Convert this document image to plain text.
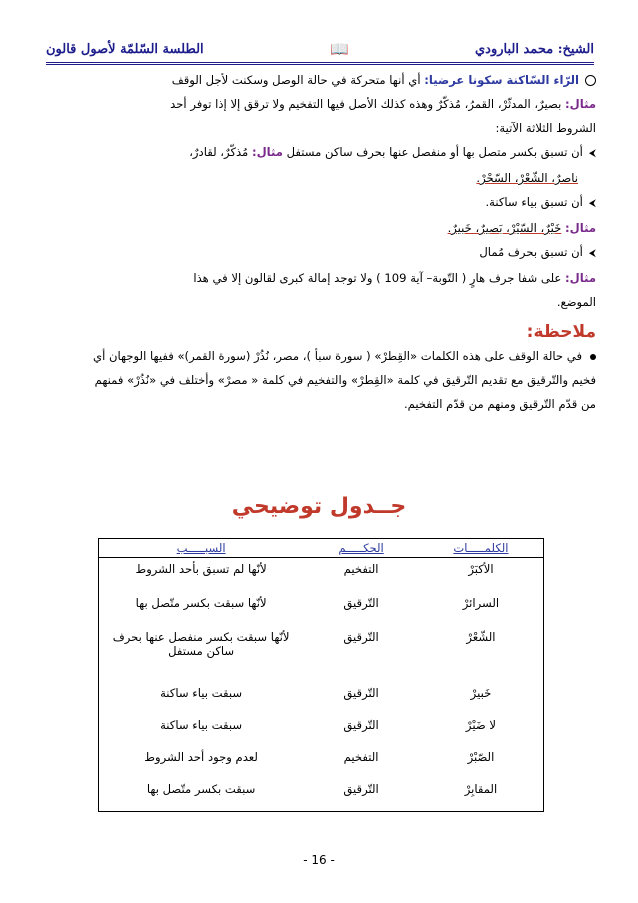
الطلسة السّلمّة لأصول قالون	📖	الشيخ: محمد البارودي
الرّاء السّاكنة سكونا عرضيا: أي أنها متحركة في حالة الوصل وسكنت لأجل الوقف
مثال: بصيرٌ، المدثّرْ، القمرُ، مُذكّرٌ وهذه كذلك الأصل فيها التفخيم ولا ترقق إلا إذا توفر أحد
الشروط الثلاثة الآتية:
⮜أن تسبق بكسر متصل بها أو منفصل عنها بحرف ساكن مستفل مثال: مُذكّرٌ، لقادرٌ،
ناصرٌ، الشّعْرْ، السّحْرْ.
⮜أن تسبق بياء ساكنة.
مثال: خَيْرٌ، السّيْرْ، بَصيرٌ، خَبيرٌ.
⮜أن تسبق بحرف مُمال
مثال: على شفا جرف هارٍ ( التّوبة– آية 109 ) ولا توجد إمالة كبرى لقالون إلا في هذا
الموضع.
ملاحظة:
في حالة الوقف على هذه الكلمات «القِطرْ» ( سورة سبأ )، مصر، نُذُرْ (سورة القمر)» ففيها الوجهان أي
فخيم والتّرقيق مع تقديم التّرقيق في كلمة «القِطرْ» والتفخيم في كلمة « مصرْ» وأختلف في «نُذُرْ» فمنهم
من قدّم التّرقيق ومنهم من قدّم التفخيم.
جــدول توضيحي
الكلمـــــات	الحكـــــم	السبـــــب
الأكبَرْ	التفخيم	لأنّها لم تسبق بأحد الشروط
السرائرْ	التّرقيق	لأنّها سبقت بكسر متّصل بها
الشّعْرْ	التّرقيق	لأنّها سبقت بكسر منفصل عنها بحرف ساكن مستفل
خَبيرْ	التّرقيق	سبقت بياء ساكنة
لا ضَيْرْ	التّرقيق	سبقت بياء ساكنة
الصّبْرْ	التفخيم	لعدم وجود أحد الشروط
المقابِرْ	التّرقيق	سبقت بكسر متّصل بها
- 16 -
